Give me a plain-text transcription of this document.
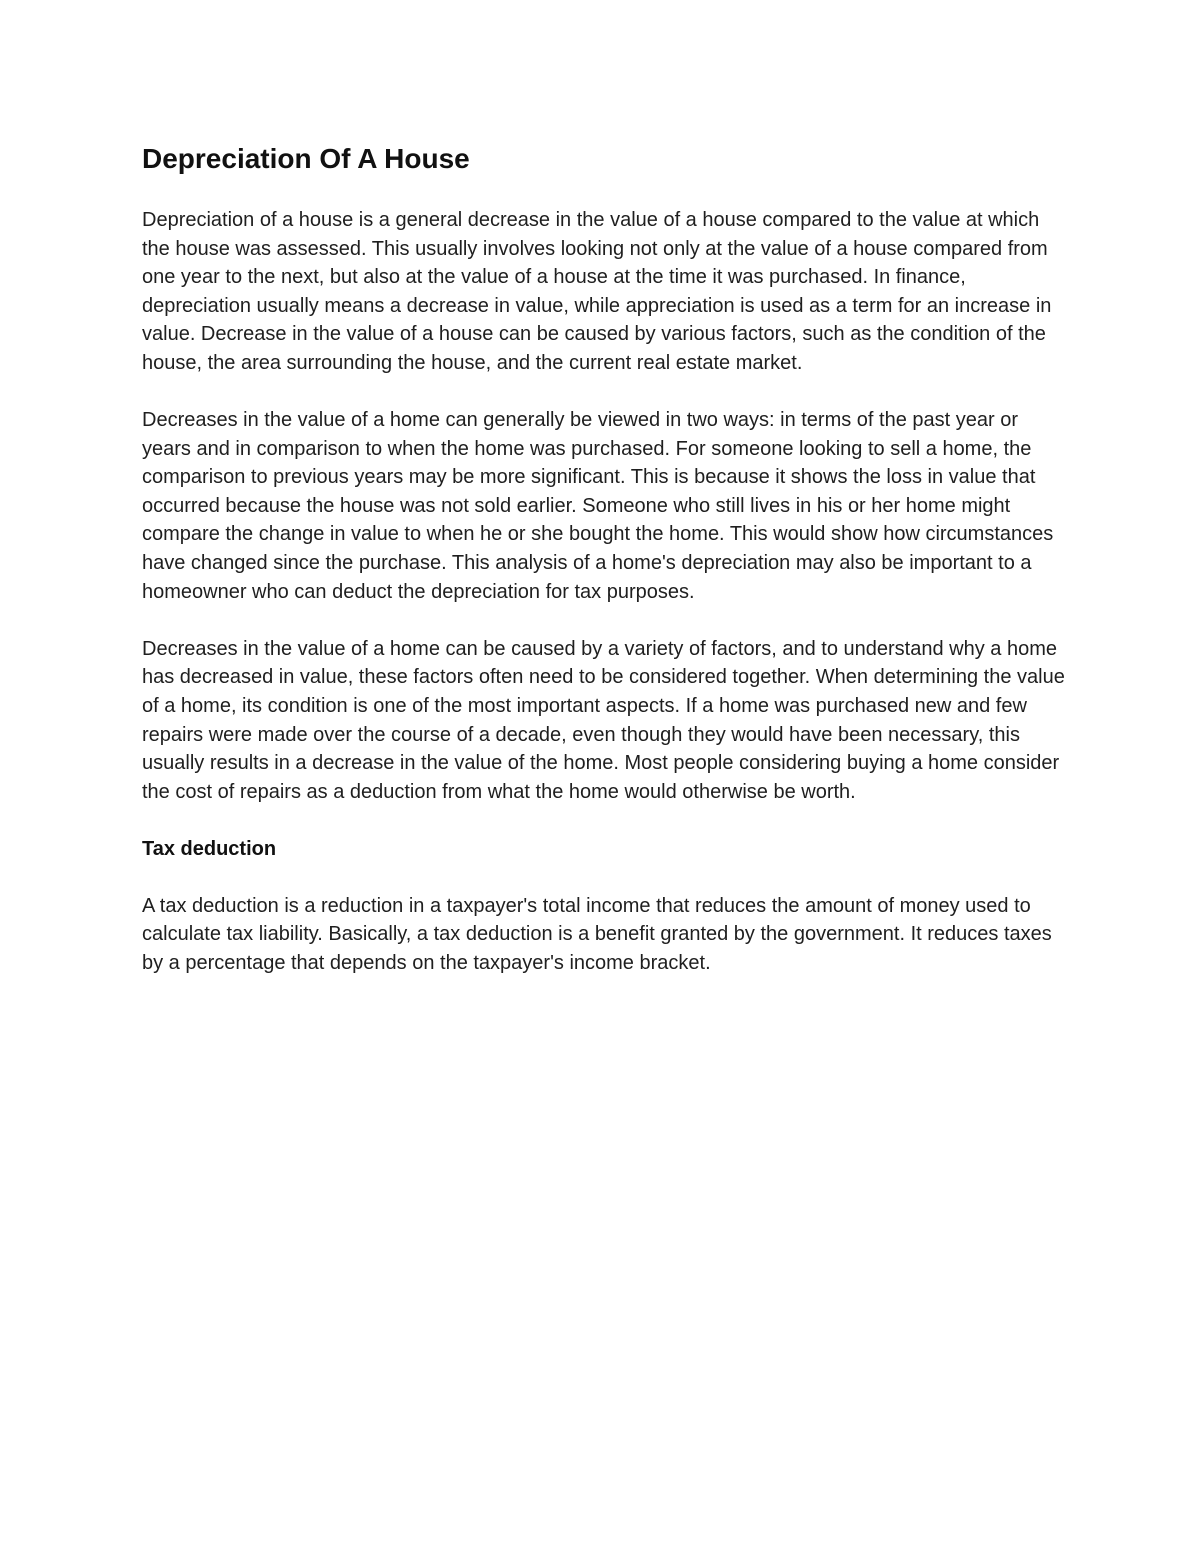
Depreciation Of A House

Depreciation of a house is a general decrease in the value of a house compared to the value at which the house was assessed. This usually involves looking not only at the value of a house compared from one year to the next, but also at the value of a house at the time it was purchased. In finance, depreciation usually means a decrease in value, while appreciation is used as a term for an increase in value. Decrease in the value of a house can be caused by various factors, such as the condition of the house, the area surrounding the house, and the current real estate market.

Decreases in the value of a home can generally be viewed in two ways: in terms of the past year or years and in comparison to when the home was purchased. For someone looking to sell a home, the comparison to previous years may be more significant. This is because it shows the loss in value that occurred because the house was not sold earlier. Someone who still lives in his or her home might compare the change in value to when he or she bought the home. This would show how circumstances have changed since the purchase. This analysis of a home's depreciation may also be important to a homeowner who can deduct the depreciation for tax purposes.

Decreases in the value of a home can be caused by a variety of factors, and to understand why a home has decreased in value, these factors often need to be considered together. When determining the value of a home, its condition is one of the most important aspects. If a home was purchased new and few repairs were made over the course of a decade, even though they would have been necessary, this usually results in a decrease in the value of the home. Most people considering buying a home consider the cost of repairs as a deduction from what the home would otherwise be worth.

Tax deduction

A tax deduction is a reduction in a taxpayer's total income that reduces the amount of money used to calculate tax liability. Basically, a tax deduction is a benefit granted by the government. It reduces taxes by a percentage that depends on the taxpayer's income bracket.
